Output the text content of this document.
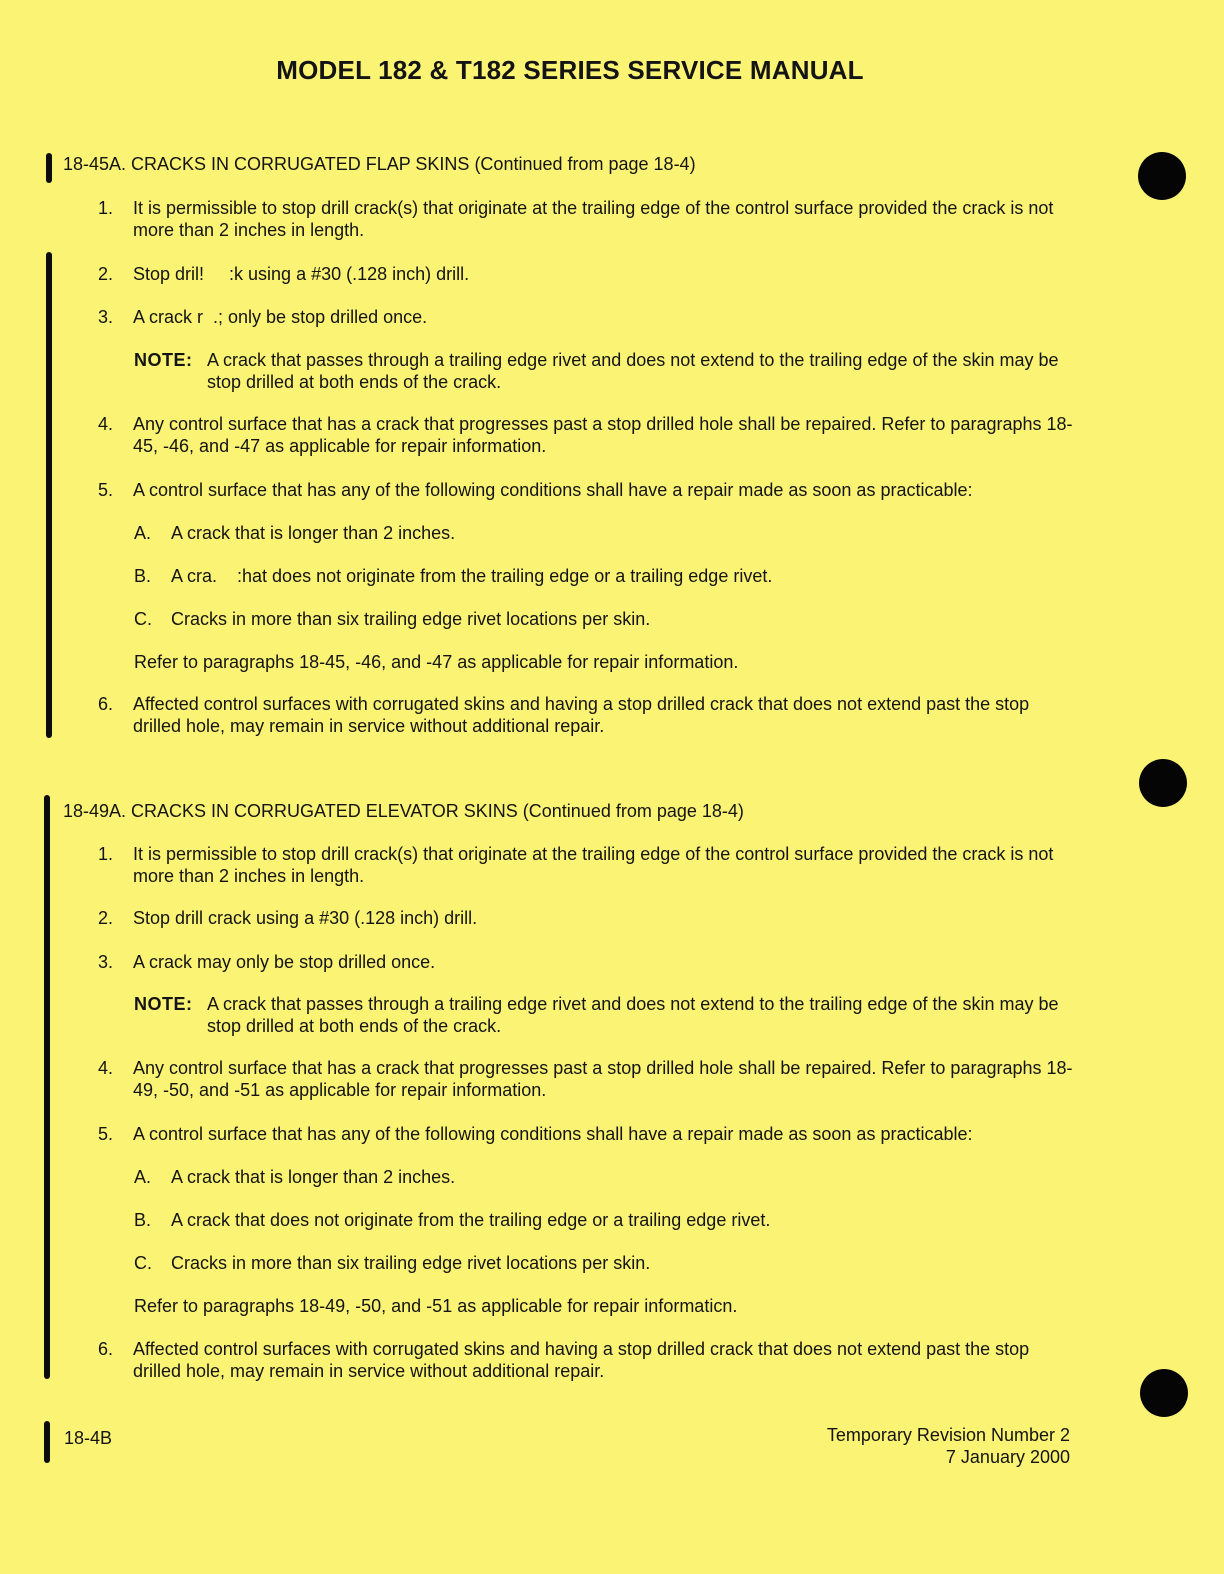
MODEL 182 & T182 SERIES SERVICE MANUAL
18-45A. CRACKS IN CORRUGATED FLAP SKINS (Continued from page 18-4)
1. It is permissible to stop drill crack(s) that originate at the trailing edge of the control surface provided the crack is not more than 2 inches in length.
2. Stop dril!     :k using a #30 (.128 inch) drill.
3. A crack r  .; only be stop drilled once.
NOTE: A crack that passes through a trailing edge rivet and does not extend to the trailing edge of the skin may be stop drilled at both ends of the crack.
4. Any control surface that has a crack that progresses past a stop drilled hole shall be repaired. Refer to paragraphs 18-45, -46, and -47 as applicable for repair information.
5. A control surface that has any of the following conditions shall have a repair made as soon as practicable:
A. A crack that is longer than 2 inches.
B. A cra.    :hat does not originate from the trailing edge or a trailing edge rivet.
C. Cracks in more than six trailing edge rivet locations per skin.
Refer to paragraphs 18-45, -46, and -47 as applicable for repair information.
6. Affected control surfaces with corrugated skins and having a stop drilled crack that does not extend past the stop drilled hole, may remain in service without additional repair.
18-49A. CRACKS IN CORRUGATED ELEVATOR SKINS (Continued from page 18-4)
1. It is permissible to stop drill crack(s) that originate at the trailing edge of the control surface provided the crack is not more than 2 inches in length.
2. Stop drill crack using a #30 (.128 inch) drill.
3. A crack may only be stop drilled once.
NOTE: A crack that passes through a trailing edge rivet and does not extend to the trailing edge of the skin may be stop drilled at both ends of the crack.
4. Any control surface that has a crack that progresses past a stop drilled hole shall be repaired. Refer to paragraphs 18-49, -50, and -51 as applicable for repair information.
5. A control surface that has any of the following conditions shall have a repair made as soon as practicable:
A. A crack that is longer than 2 inches.
B. A crack that does not originate from the trailing edge or a trailing edge rivet.
C. Cracks in more than six trailing edge rivet locations per skin.
Refer to paragraphs 18-49, -50, and -51 as applicable for repair informaticn.
6. Affected control surfaces with corrugated skins and having a stop drilled crack that does not extend past the stop drilled hole, may remain in service without additional repair.
18-4B	Temporary Revision Number 2
7 January 2000
